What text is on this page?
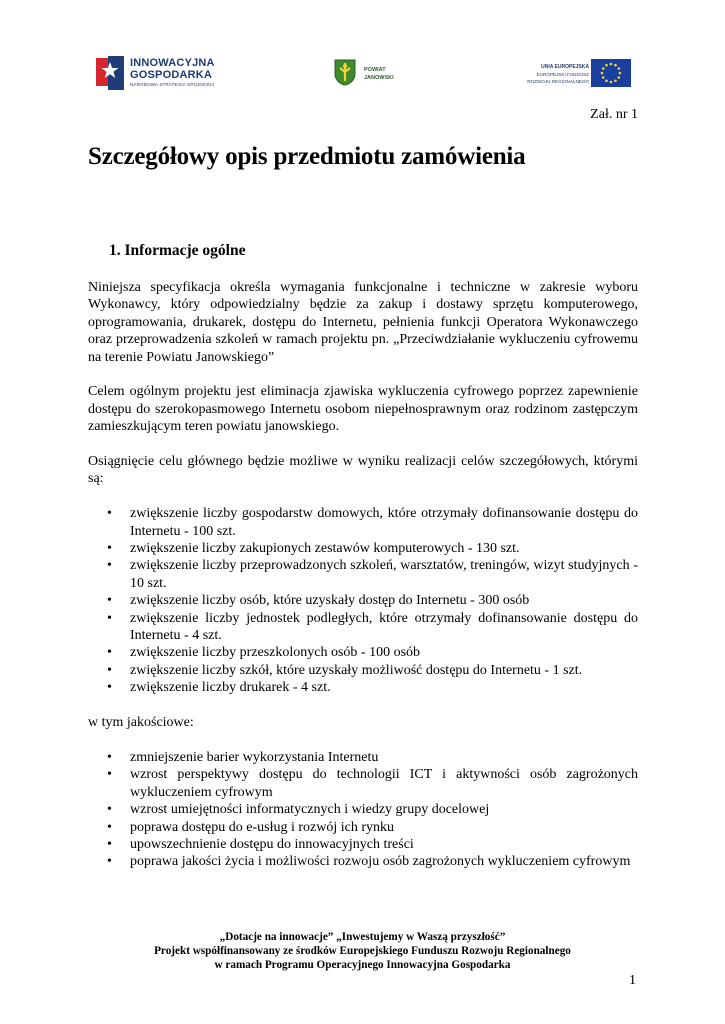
INNOWACYJNA
GOSPODARKA
NARODOWA STRATEGIA SPÓJNOŚCI
POWIAT
JANOWSKI
UNIA EUROPEJSKA
EUROPEJSKI FUNDUSZ
ROZWOJU REGIONALNEGO
Zał. nr 1
Szczegółowy opis przedmiotu zamówienia
1. Informacje ogólne

Niniejsza specyfikacja określa wymagania funkcjonalne i techniczne w zakresie wyboru Wykonawcy, który odpowiedzialny będzie za zakup i dostawy sprzętu komputerowego, oprogramowania, drukarek, dostępu do Internetu, pełnienia funkcji Operatora Wykonawczego oraz przeprowadzenia szkoleń w ramach projektu pn. „Przeciwdziałanie wykluczeniu cyfrowemu na terenie Powiatu Janowskiego”

Celem ogólnym projektu jest eliminacja zjawiska wykluczenia cyfrowego poprzez zapewnienie dostępu do szerokopasmowego Internetu osobom niepełnosprawnym oraz rodzinom zastępczym zamieszkującym teren powiatu janowskiego.

Osiągnięcie celu głównego będzie możliwe w wyniku realizacji celów szczegółowych, którymi są:

• zwiększenie liczby gospodarstw domowych, które otrzymały dofinansowanie dostępu do Internetu - 100 szt.
• zwiększenie liczby zakupionych zestawów komputerowych - 130 szt.
• zwiększenie liczby przeprowadzonych szkoleń, warsztatów, treningów, wizyt studyjnych - 10 szt.
• zwiększenie liczby osób, które uzyskały dostęp do Internetu - 300 osób
• zwiększenie liczby jednostek podległych, które otrzymały dofinansowanie dostępu do Internetu - 4 szt.
• zwiększenie liczby przeszkolonych osób - 100 osób
• zwiększenie liczby szkół, które uzyskały możliwość dostępu do Internetu - 1 szt.
• zwiększenie liczby drukarek - 4 szt.

w tym jakościowe:

• zmniejszenie barier wykorzystania Internetu
• wzrost perspektywy dostępu do technologii ICT i aktywności osób zagrożonych wykluczeniem cyfrowym
• wzrost umiejętności informatycznych i wiedzy grupy docelowej
• poprawa dostępu do e-usług i rozwój ich rynku
• upowszechnienie dostępu do innowacyjnych treści
• poprawa jakości życia i możliwości rozwoju osób zagrożonych wykluczeniem cyfrowym
„Dotacje na innowacje” „Inwestujemy w Waszą przyszłość”
Projekt współfinansowany ze środków Europejskiego Funduszu Rozwoju Regionalnego
w ramach Programu Operacyjnego Innowacyjna Gospodarka
1
